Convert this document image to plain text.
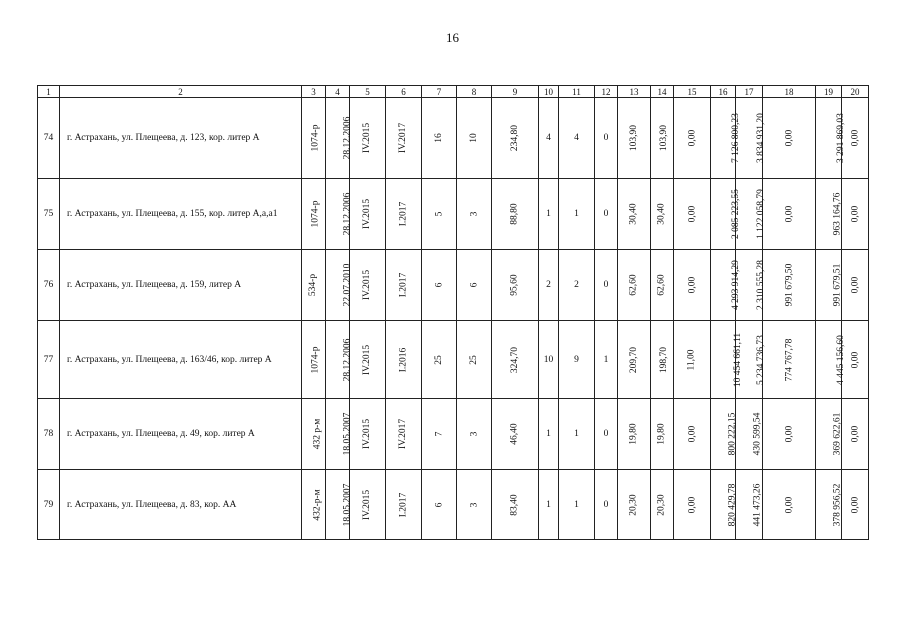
16
1	2	3	4	5	6	7	8	9	10	11	12	13	14	15	16	17	18	19	20
74	г. Астрахань, ул. Плещеева, д. 123, кор. литер А	1074-р	28.12.2006	IV.2015	IV.2017	16	10	234,80	4	4	0	103,90	103,90	0,00	7 126 800,23	3 834 931,20	0,00	3 291 869,03	0,00
75	г. Астрахань, ул. Плещеева, д. 155, кор. литер А,а,а1	1074-р	28.12.2006	IV.2015	I.2017	5	3	88,80	1	1	0	30,40	30,40	0,00	2 085 223,55	1 122 058,79	0,00	963 164,76	0,00
76	г. Астрахань, ул. Плещеева, д. 159, литер А	534-р	22.07.2010	IV.2015	I.2017	6	6	95,60	2	2	0	62,60	62,60	0,00	4 293 914,29	2 310 555,28	991 679,50	991 679,51	0,00
77	г. Астрахань, ул. Плещеева, д. 163/46, кор. литер А	1074-р	28.12.2006	IV.2015	I.2016	25	25	324,70	10	9	1	209,70	198,70	11,00	10 454 661,11	5 234 736,73	774 767,78	4 445 156,60	0,00
78	г. Астрахань, ул. Плещеева, д. 49, кор. литер А	432 р-м	18.05.2007	IV.2015	IV.2017	7	3	46,40	1	1	0	19,80	19,80	0,00	800 222,15	430 599,54	0,00	369 622,61	0,00
79	г. Астрахань, ул. Плещеева, д. 83, кор. АА	432-р-м	18.05.2007	IV.2015	I.2017	6	3	83,40	1	1	0	20,30	20,30	0,00	820 429,78	441 473,26	0,00	378 956,52	0,00
